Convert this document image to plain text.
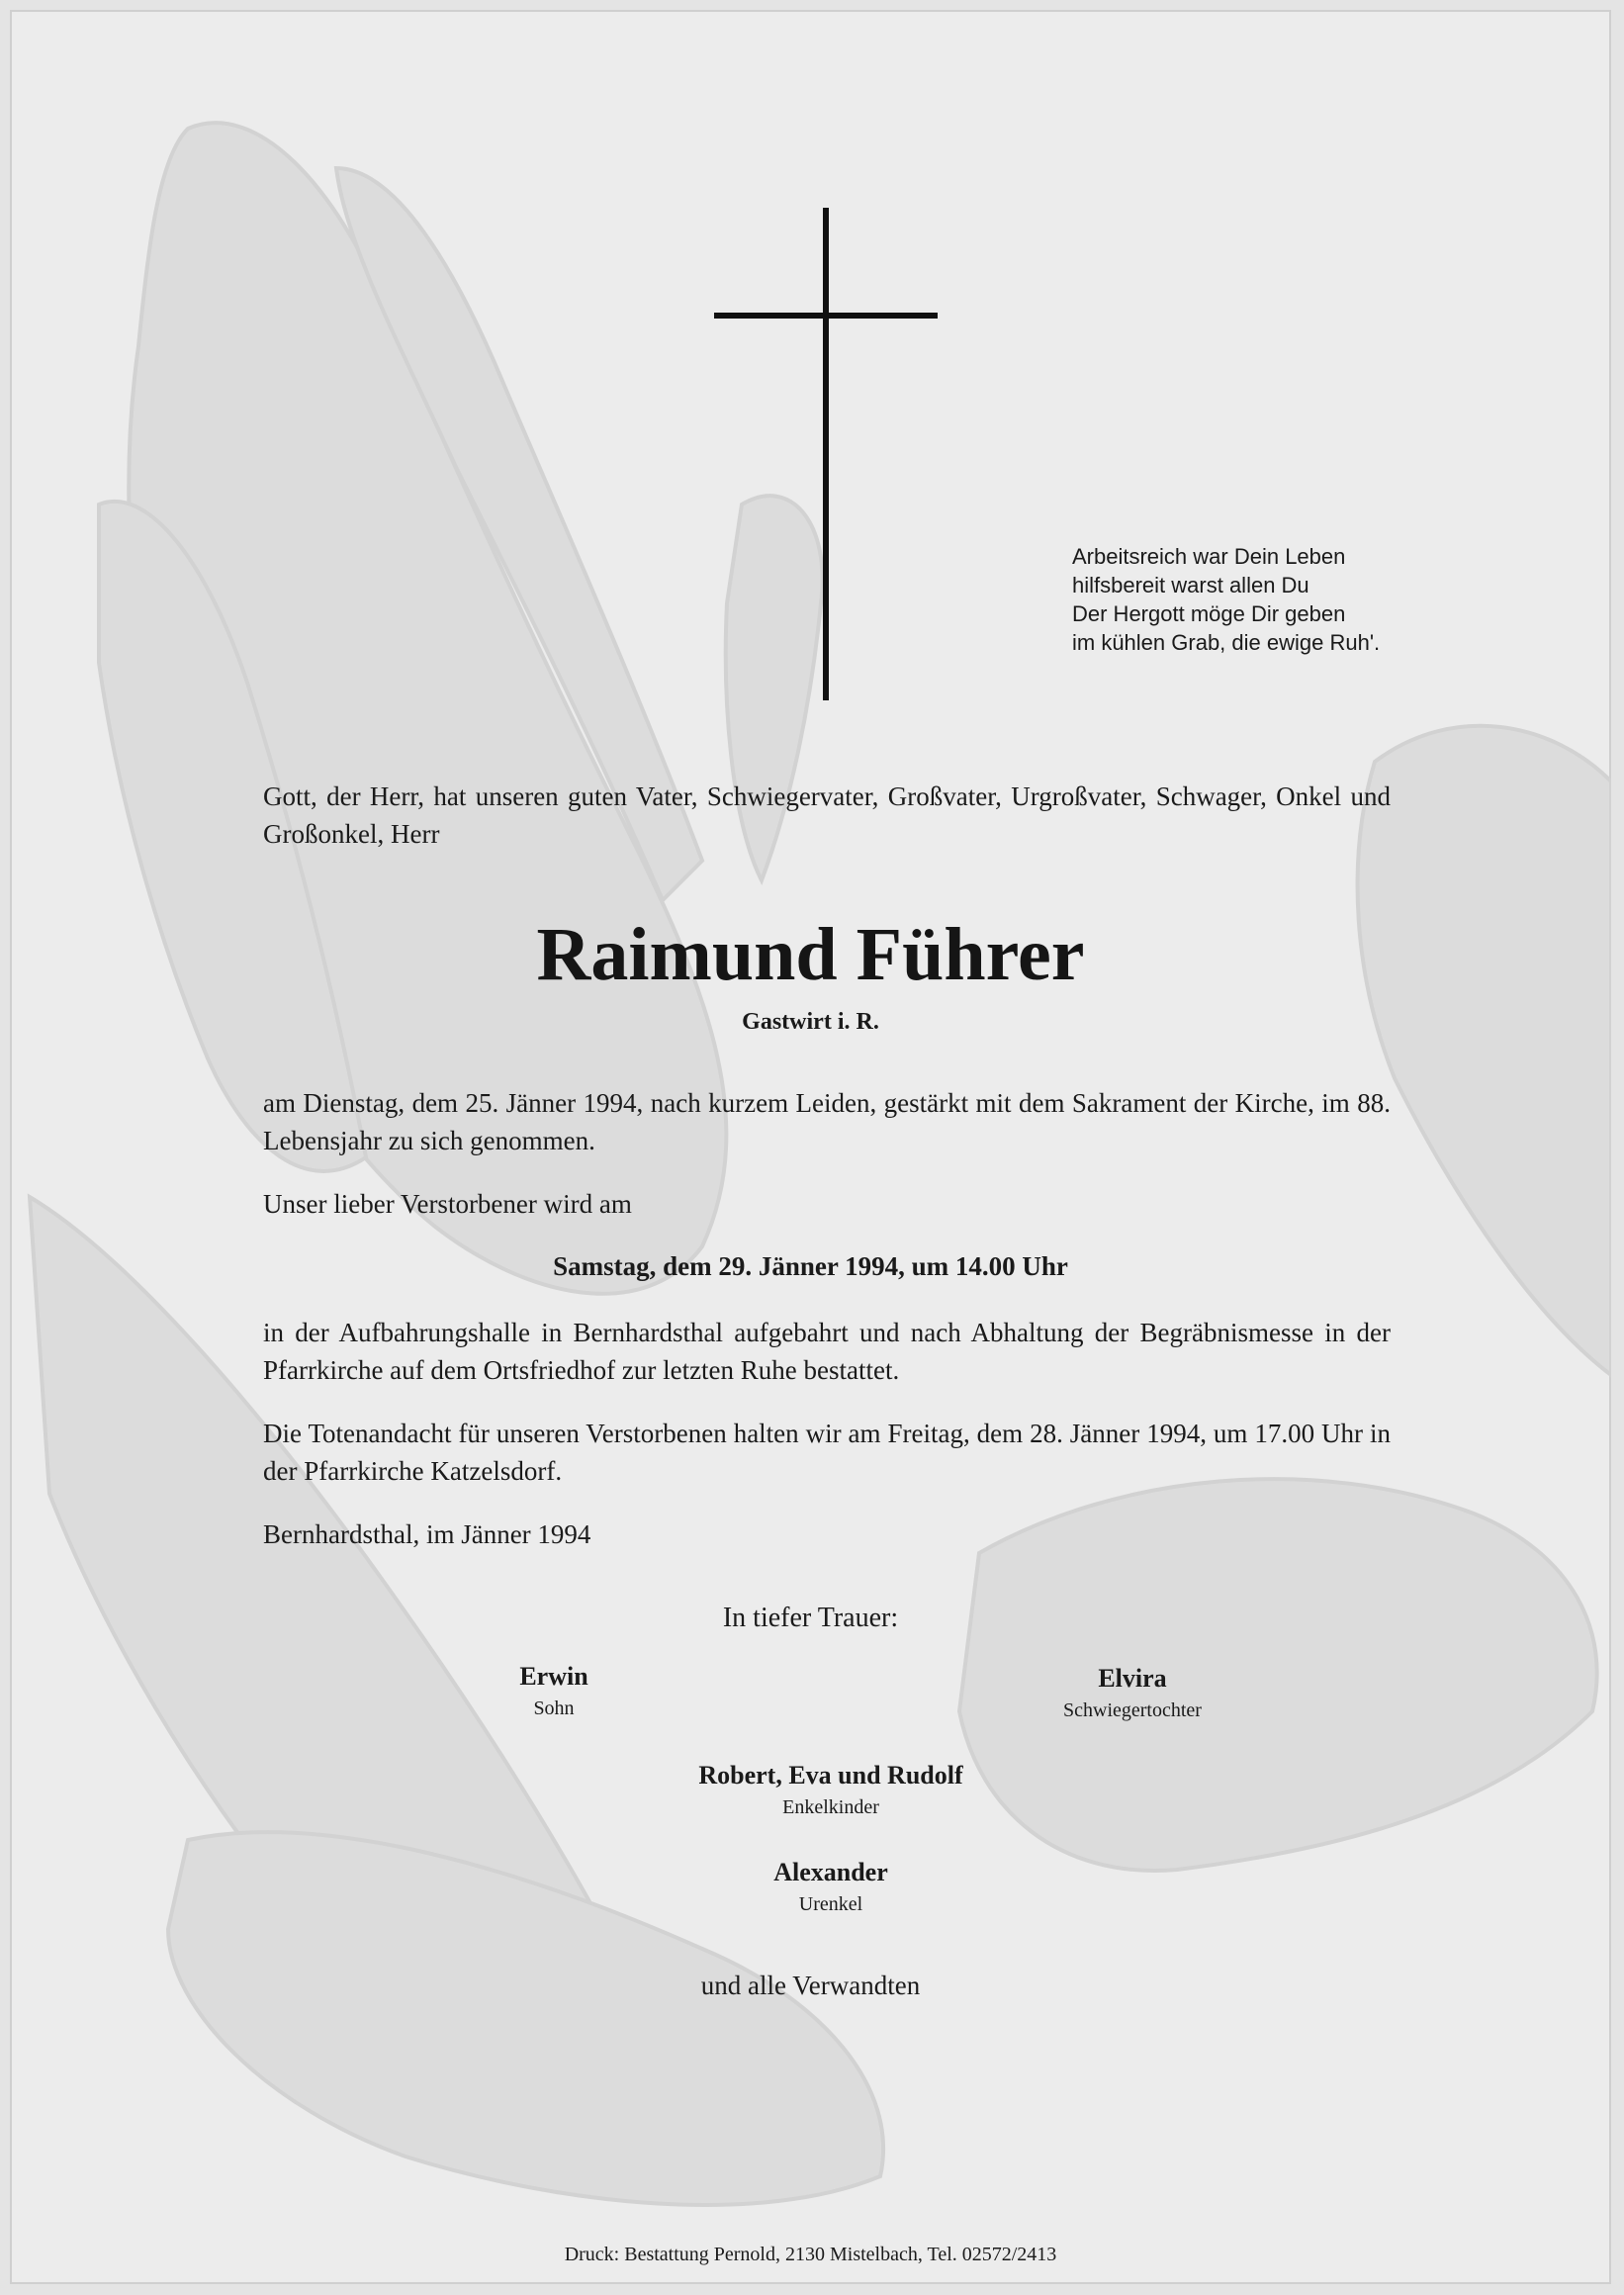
Arbeitsreich war Dein Leben
hilfsbereit warst allen Du
Der Hergott möge Dir geben
im kühlen Grab, die ewige Ruh'.
Gott, der Herr, hat unseren guten Vater, Schwiegervater, Großvater, Urgroßvater, Schwager, Onkel und Großonkel, Herr
Raimund Führer
Gastwirt i. R.
am Dienstag, dem 25. Jänner 1994, nach kurzem Leiden, gestärkt mit dem Sakrament der Kirche, im 88. Lebensjahr zu sich genommen.
Unser lieber Verstorbener wird am
Samstag, dem 29. Jänner 1994, um 14.00 Uhr
in der Aufbahrungshalle in Bernhardsthal aufgebahrt und nach Abhaltung der Begräbnismesse in der Pfarrkirche auf dem Ortsfriedhof zur letzten Ruhe bestattet.
Die Totenandacht für unseren Verstorbenen halten wir am Freitag, dem 28. Jänner 1994, um 17.00 Uhr in der Pfarrkirche Katzelsdorf.
Bernhardsthal, im Jänner 1994
In tiefer Trauer:
Erwin
Sohn
Elvira
Schwiegertochter
Robert, Eva und Rudolf
Enkelkinder
Alexander
Urenkel
und alle Verwandten
Druck: Bestattung Pernold, 2130 Mistelbach, Tel. 02572/2413
